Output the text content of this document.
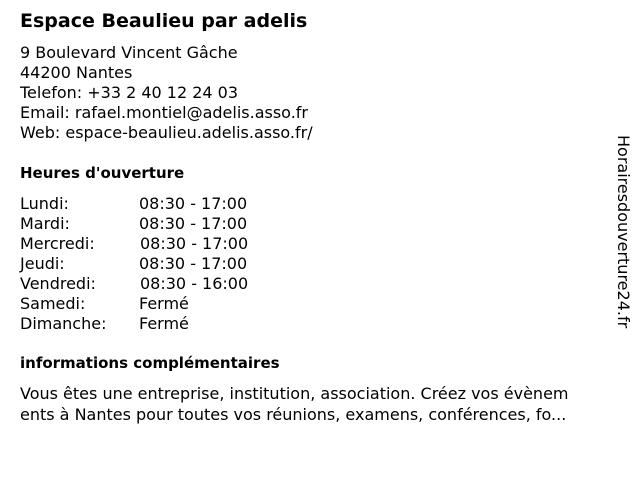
Espace Beaulieu par adelis
9 Boulevard Vincent Gâche
44200 Nantes
Telefon: +33 2 40 12 24 03
Email: rafael.montiel@adelis.asso.fr
Web: espace-beaulieu.adelis.asso.fr/
Heures d'ouverture
Lundi:	08:30 - 17:00
Mardi:	08:30 - 17:00
Mercredi:	08:30 - 17:00
Jeudi:	08:30 - 17:00
Vendredi:	08:30 - 16:00
Samedi:	Fermé
Dimanche: Fermé
informations complémentaires
Vous êtes une entreprise, institution, association. Créez vos évènem
ents à Nantes pour toutes vos réunions, examens, conférences, fo...
Horairesdouverture24.fr
